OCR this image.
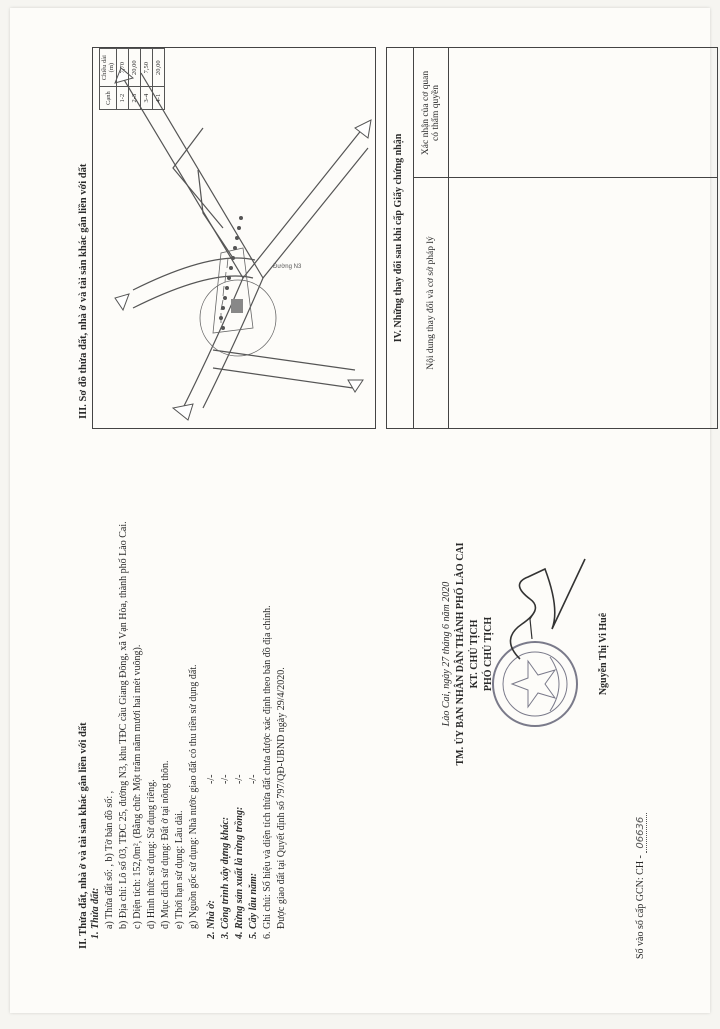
II. Thửa đất, nhà ở và tài sản khác gắn liền với đất 1. Thửa đất: a) Thửa đất số: , b) Tờ bản đồ số: , b) Địa chỉ: Lô số 03, TĐC 25, đường N3, khu TĐC cầu Giang Đông, xã Vạn Hòa, thành phố Lào Cai. c) Diện tích: 152,0m², (Bằng chữ: Một trăm năm mươi hai mét vuông). d) Hình thức sử dụng: Sử dụng riêng. đ) Mục đích sử dụng: Đất ở tại nông thôn. e) Thời hạn sử dụng: Lâu dài. g) Nguồn gốc sử dụng: Nhà nước giao đất có thu tiền sử dụng đất. 2. Nhà ở:
-/-
3. Công trình xây dựng khác:
-/-
4. Rừng sản xuất là rừng trồng:
-/-
5. Cây lâu năm:
-/- 6. Ghi chú: Số hiệu và diện tích thửa đất chưa được xác định theo bản đồ địa chính. Được giao đất tại Quyết định số 797/QĐ-UBND ngày 29/4/2020.
Lào Cai, ngày 27 tháng 6 năm 2020 TM. ỦY BAN NHÂN DÂN THÀNH PHỐ LÀO CAI KT. CHỦ TỊCH PHÓ CHỦ TỊCH	Nguyễn Thị Vi Huê
Số vào sổ cấp GCN: CH - 06636
III. Sơ đồ thửa đất, nhà ở và tài sản khác gắn liền với đất	Đường N3
Cạnh	Chiều dài (m)
1-2	7,70
2-3	20,00
3-4	7,50
4-1	20,00
IV. Những thay đổi sau khi cấp Giấy chứng nhận	Nội dung thay đổi và cơ sở pháp lý
Xác nhận của cơ quan có thẩm quyền
